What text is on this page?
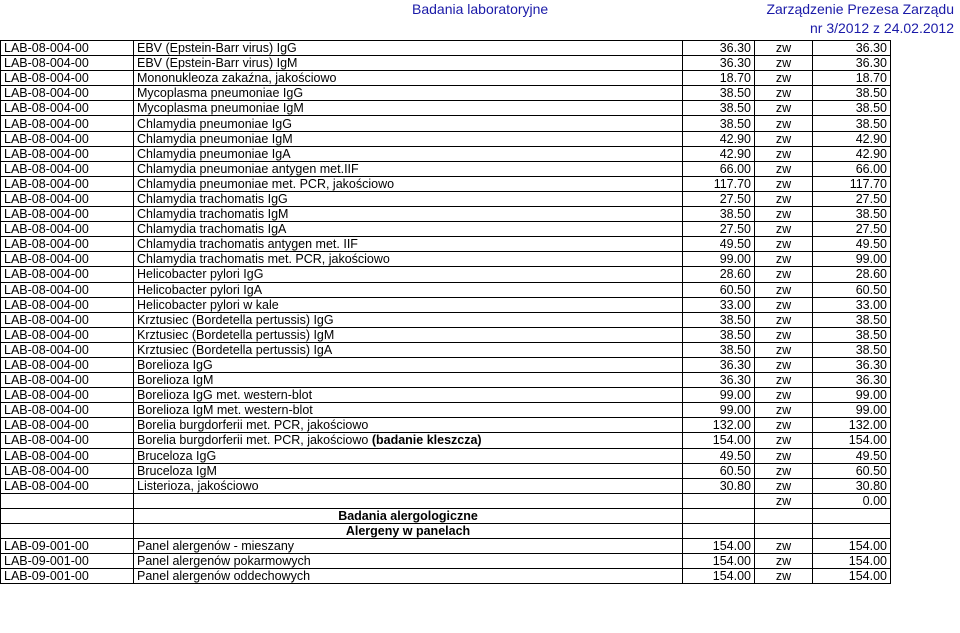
Badania laboratoryjne	Zarządzenie Prezesa Zarządu
nr 3/2012 z 24.02.2012
LAB-08-004-00	EBV (Epstein-Barr virus) IgG	36.30	zw	36.30
LAB-08-004-00	EBV (Epstein-Barr virus) IgM	36.30	zw	36.30
LAB-08-004-00	Mononukleoza zakaźna, jakościowo	18.70	zw	18.70
LAB-08-004-00	Mycoplasma pneumoniae IgG	38.50	zw	38.50
LAB-08-004-00	Mycoplasma pneumoniae IgM	38.50	zw	38.50
LAB-08-004-00	Chlamydia pneumoniae IgG	38.50	zw	38.50
LAB-08-004-00	Chlamydia pneumoniae IgM	42.90	zw	42.90
LAB-08-004-00	Chlamydia pneumoniae IgA	42.90	zw	42.90
LAB-08-004-00	Chlamydia pneumoniae antygen met.IIF	66.00	zw	66.00
LAB-08-004-00	Chlamydia pneumoniae met. PCR, jakościowo	117.70	zw	117.70
LAB-08-004-00	Chlamydia trachomatis IgG	27.50	zw	27.50
LAB-08-004-00	Chlamydia trachomatis IgM	38.50	zw	38.50
LAB-08-004-00	Chlamydia trachomatis IgA	27.50	zw	27.50
LAB-08-004-00	Chlamydia trachomatis antygen met. IIF	49.50	zw	49.50
LAB-08-004-00	Chlamydia trachomatis met. PCR, jakościowo	99.00	zw	99.00
LAB-08-004-00	Helicobacter pylori IgG	28.60	zw	28.60
LAB-08-004-00	Helicobacter pylori IgA	60.50	zw	60.50
LAB-08-004-00	Helicobacter pylori w kale	33.00	zw	33.00
LAB-08-004-00	Krztusiec (Bordetella pertussis) IgG	38.50	zw	38.50
LAB-08-004-00	Krztusiec (Bordetella pertussis) IgM	38.50	zw	38.50
LAB-08-004-00	Krztusiec (Bordetella pertussis) IgA	38.50	zw	38.50
LAB-08-004-00	Borelioza IgG	36.30	zw	36.30
LAB-08-004-00	Borelioza IgM	36.30	zw	36.30
LAB-08-004-00	Borelioza IgG met. western-blot	99.00	zw	99.00
LAB-08-004-00	Borelioza IgM met. western-blot	99.00	zw	99.00
LAB-08-004-00	Borelia burgdorferii met. PCR, jakościowo	132.00	zw	132.00
LAB-08-004-00	Borelia burgdorferii met. PCR, jakościowo (badanie kleszcza)	154.00	zw	154.00
LAB-08-004-00	Bruceloza IgG	49.50	zw	49.50
LAB-08-004-00	Bruceloza IgM	60.50	zw	60.50
LAB-08-004-00	Listerioza, jakościowo	30.80	zw	30.80
			zw	0.00
	Badania alergologiczne			
	Alergeny w panelach			
LAB-09-001-00	Panel alergenów - mieszany	154.00	zw	154.00
LAB-09-001-00	Panel alergenów pokarmowych	154.00	zw	154.00
LAB-09-001-00	Panel alergenów oddechowych	154.00	zw	154.00
